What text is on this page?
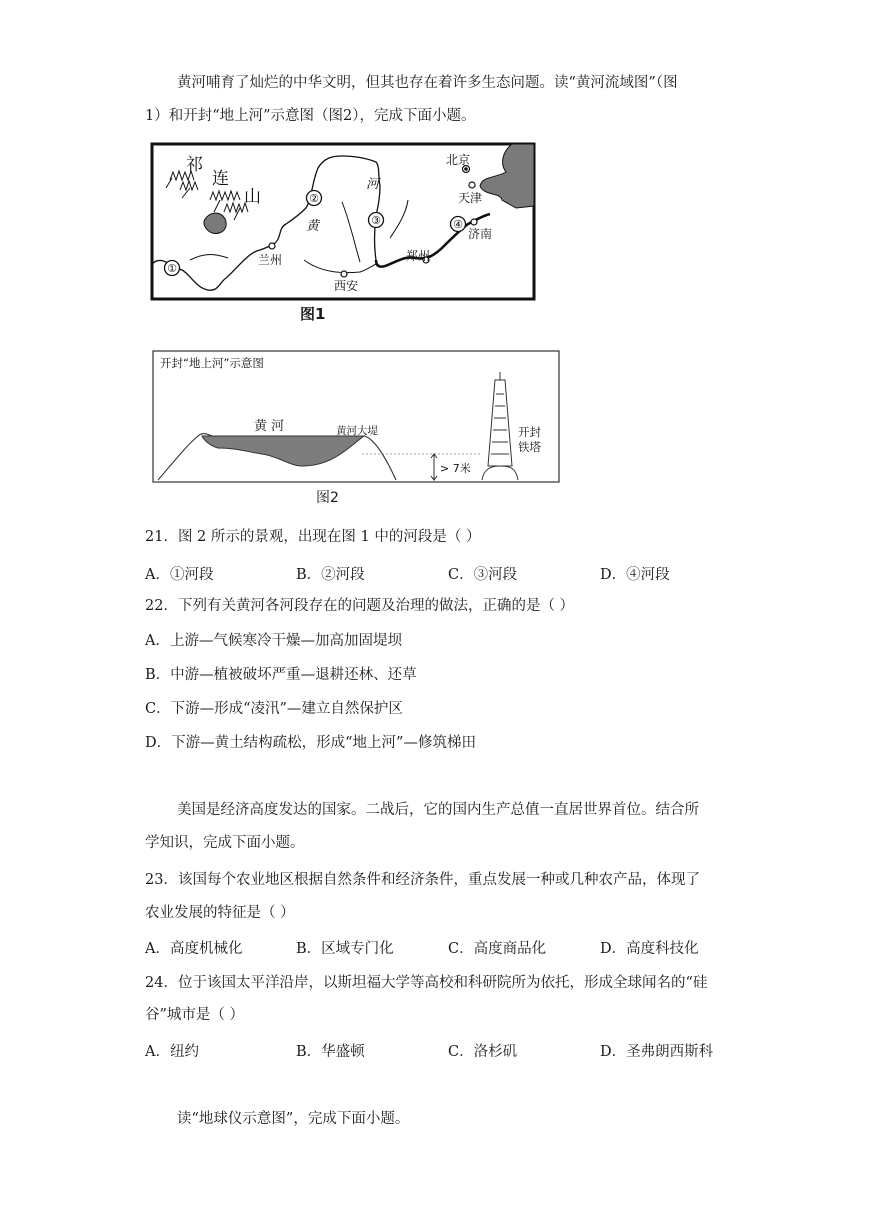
黄河哺育了灿烂的中华文明，但其也存在着许多生态问题。读“黄河流域图”（图
1）和开封“地上河”示意图（图2），完成下面小题。
①
②
③	④
祁
连
山
北京
天津
济南
郑州
西安
兰州
黄
河
图1
开封“地上河”示意图
黄 河	黄河大堤
> 7米
开封
铁塔
图2
21．图 2 所示的景观，出现在图 1 中的河段是（ ）
A．①河段	B．②河段	C．③河段	D．④河段
22．下列有关黄河各河段存在的问题及治理的做法，正确的是（ ）
A．上游—气候寒冷干燥—加高加固堤坝
B．中游—植被破坏严重—退耕还林、还草
C．下游—形成“凌汛”—建立自然保护区
D．下游—黄土结构疏松，形成“地上河”—修筑梯田
美国是经济高度发达的国家。二战后，它的国内生产总值一直居世界首位。结合所
学知识，完成下面小题。
23．该国每个农业地区根据自然条件和经济条件，重点发展一种或几种农产品，体现了
农业发展的特征是（ ）
A．高度机械化	B．区域专门化	C．高度商品化	D．高度科技化
24．位于该国太平洋沿岸，以斯坦福大学等高校和科研院所为依托，形成全球闻名的“硅
谷”城市是（ ）
A．纽约	B．华盛顿	C．洛杉矶	D．圣弗朗西斯科
读“地球仪示意图”，完成下面小题。
